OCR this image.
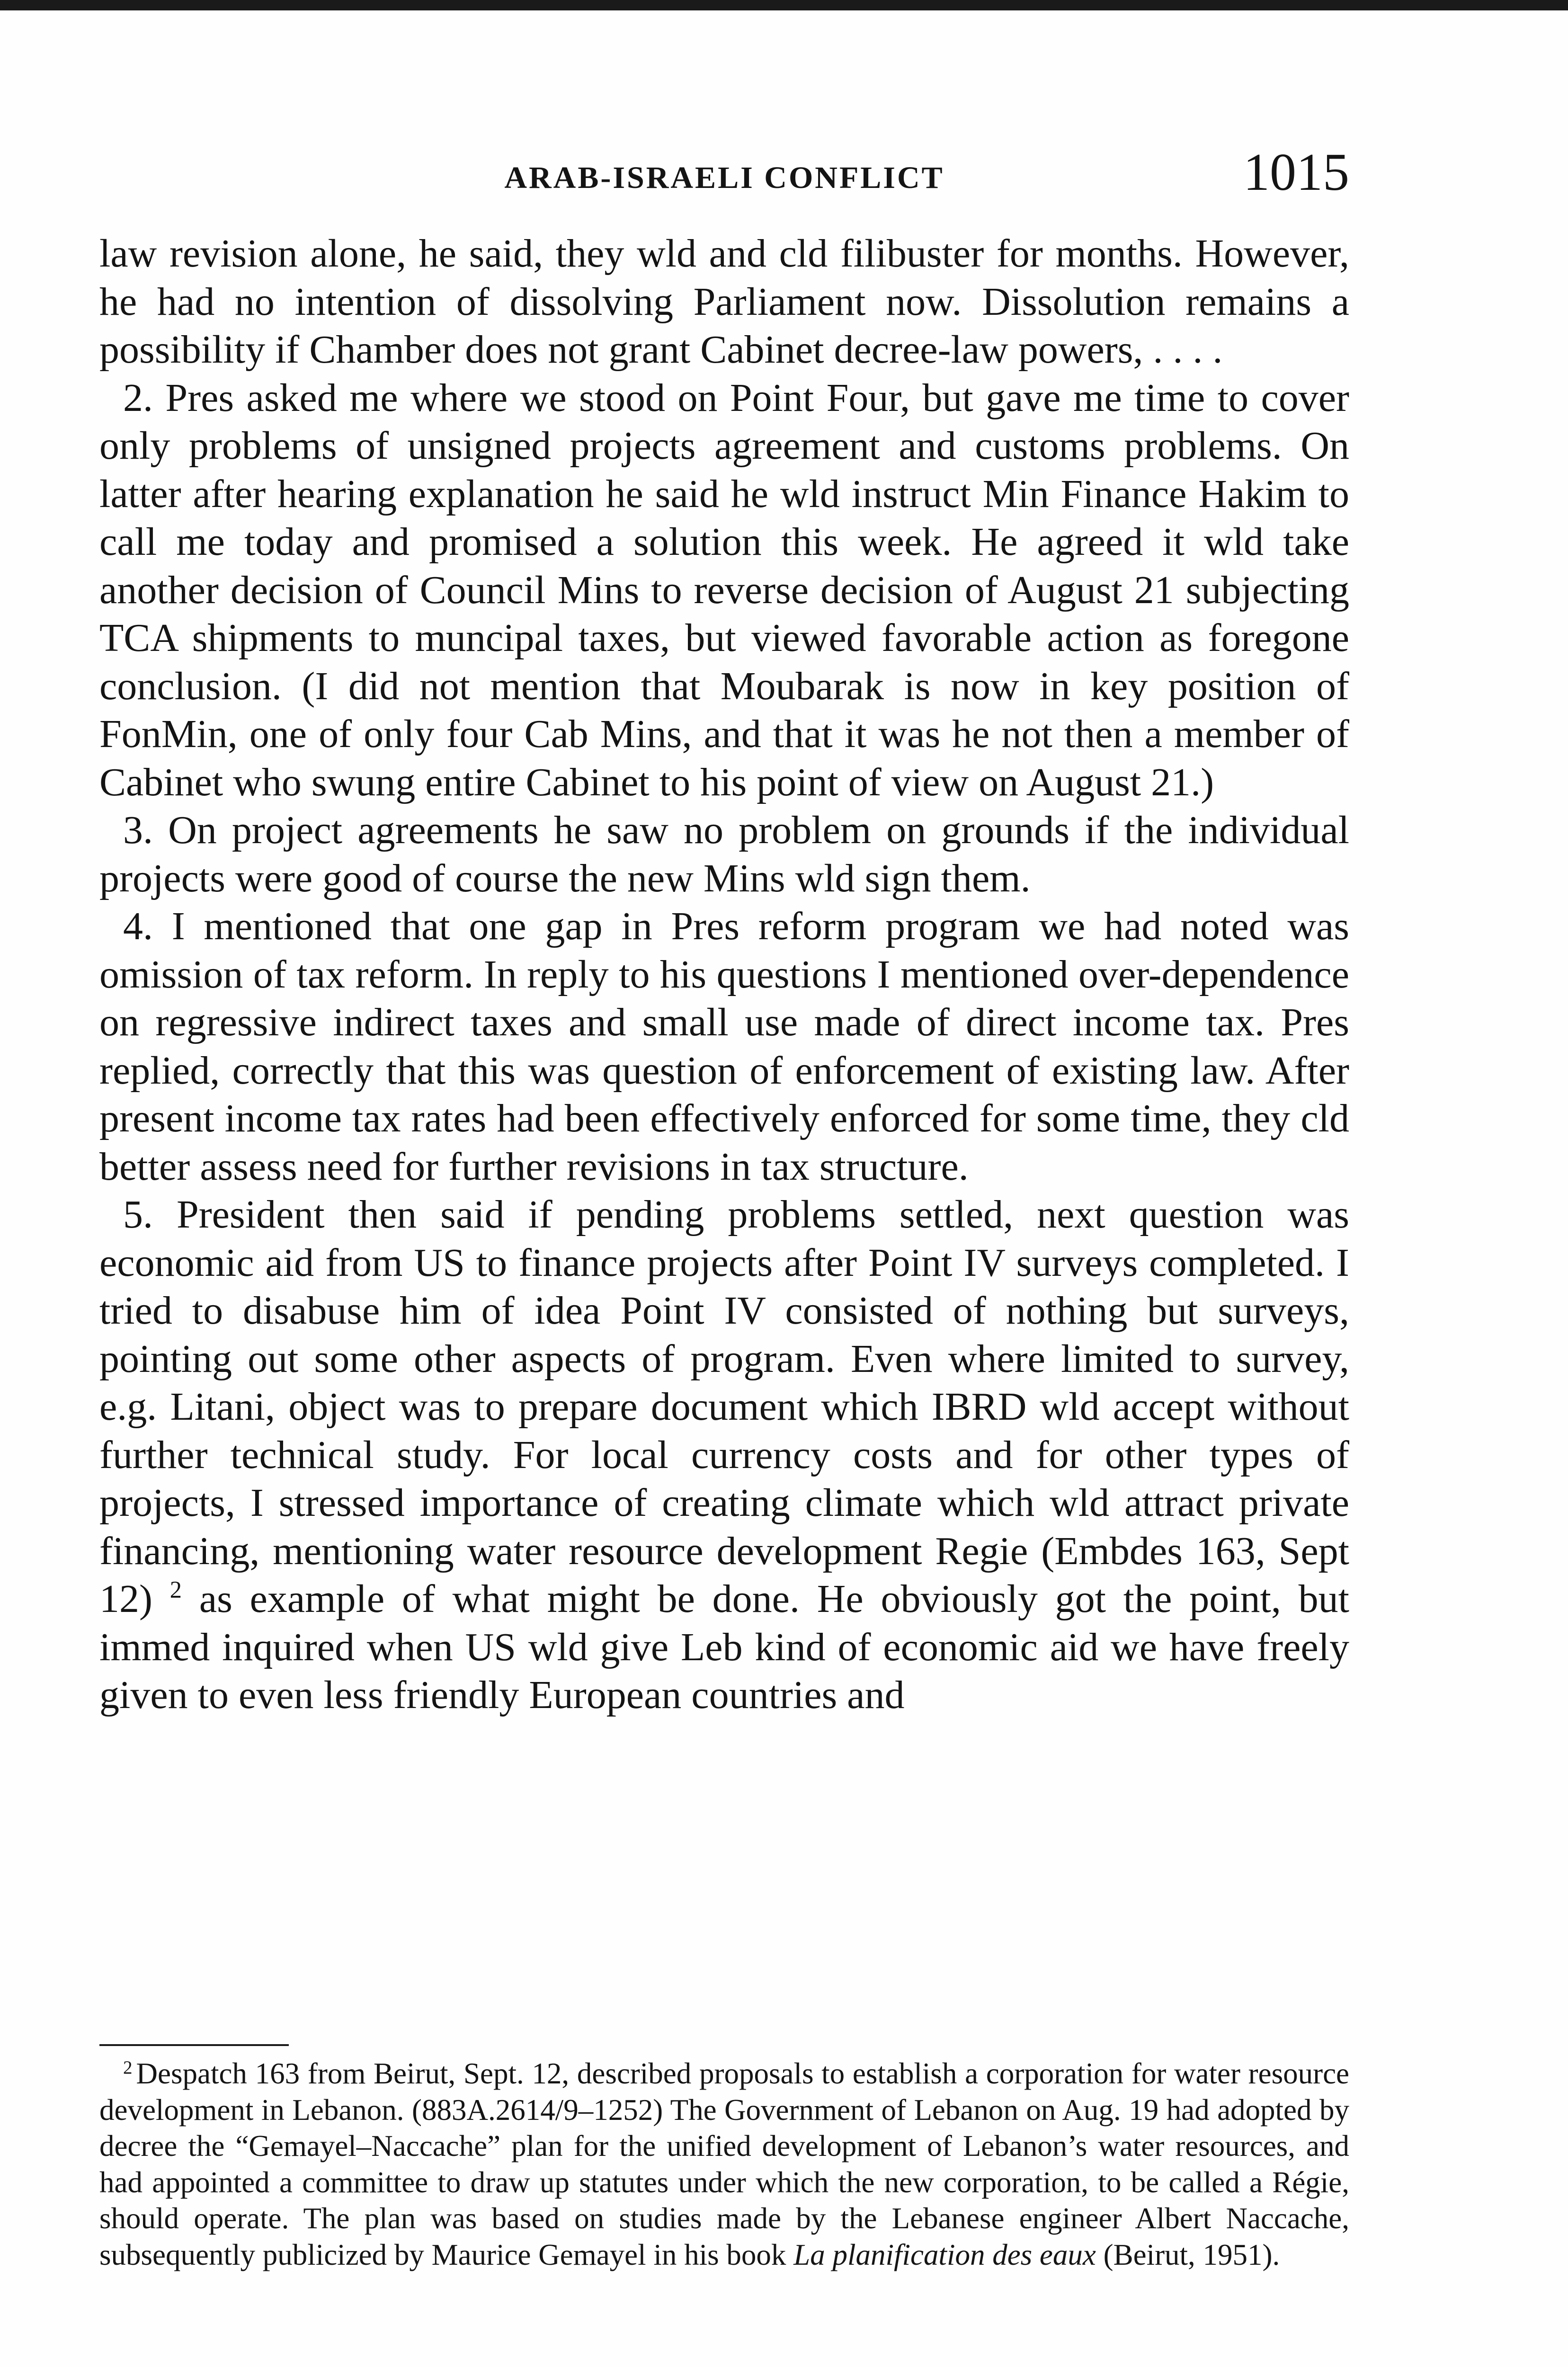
ARAB-ISRAELI CONFLICT	1015

law revision alone, he said, they wld and cld filibuster for months. However, he had no intention of dissolving Parliament now. Dissolution remains a possibility if Chamber does not grant Cabinet decree-law powers, . . . .

2. Pres asked me where we stood on Point Four, but gave me time to cover only problems of unsigned projects agreement and customs problems. On latter after hearing explanation he said he wld instruct Min Finance Hakim to call me today and promised a solution this week. He agreed it wld take another decision of Council Mins to reverse decision of August 21 subjecting TCA shipments to muncipal taxes, but viewed favorable action as foregone conclusion. (I did not mention that Moubarak is now in key position of FonMin, one of only four Cab Mins, and that it was he not then a member of Cabinet who swung entire Cabinet to his point of view on August 21.)

3. On project agreements he saw no problem on grounds if the individual projects were good of course the new Mins wld sign them.

4. I mentioned that one gap in Pres reform program we had noted was omission of tax reform. In reply to his questions I mentioned over-dependence on regressive indirect taxes and small use made of direct income tax. Pres replied, correctly that this was question of enforcement of existing law. After present income tax rates had been effectively enforced for some time, they cld better assess need for further revisions in tax structure.

5. President then said if pending problems settled, next question was economic aid from US to finance projects after Point IV surveys completed. I tried to disabuse him of idea Point IV consisted of nothing but surveys, pointing out some other aspects of program. Even where limited to survey, e.g. Litani, object was to prepare document which IBRD wld accept without further technical study. For local currency costs and for other types of projects, I stressed importance of creating climate which wld attract private financing, mentioning water resource development Regie (Embdes 163, Sept 12) $^2$ as example of what might be done. He obviously got the point, but immed inquired when US wld give Leb kind of economic aid we have freely given to even less friendly European countries and

$^2$ Despatch 163 from Beirut, Sept. 12, described proposals to establish a corporation for water resource development in Lebanon. (883A.2614/9–1252) The Government of Lebanon on Aug. 19 had adopted by decree the “Gemayel–Naccache” plan for the unified development of Lebanon’s water resources, and had appointed a committee to draw up statutes under which the new corporation, to be called a Régie, should operate. The plan was based on studies made by the Lebanese engineer Albert Naccache, subsequently publicized by Maurice Gemayel in his book La planification des eaux (Beirut, 1951).
